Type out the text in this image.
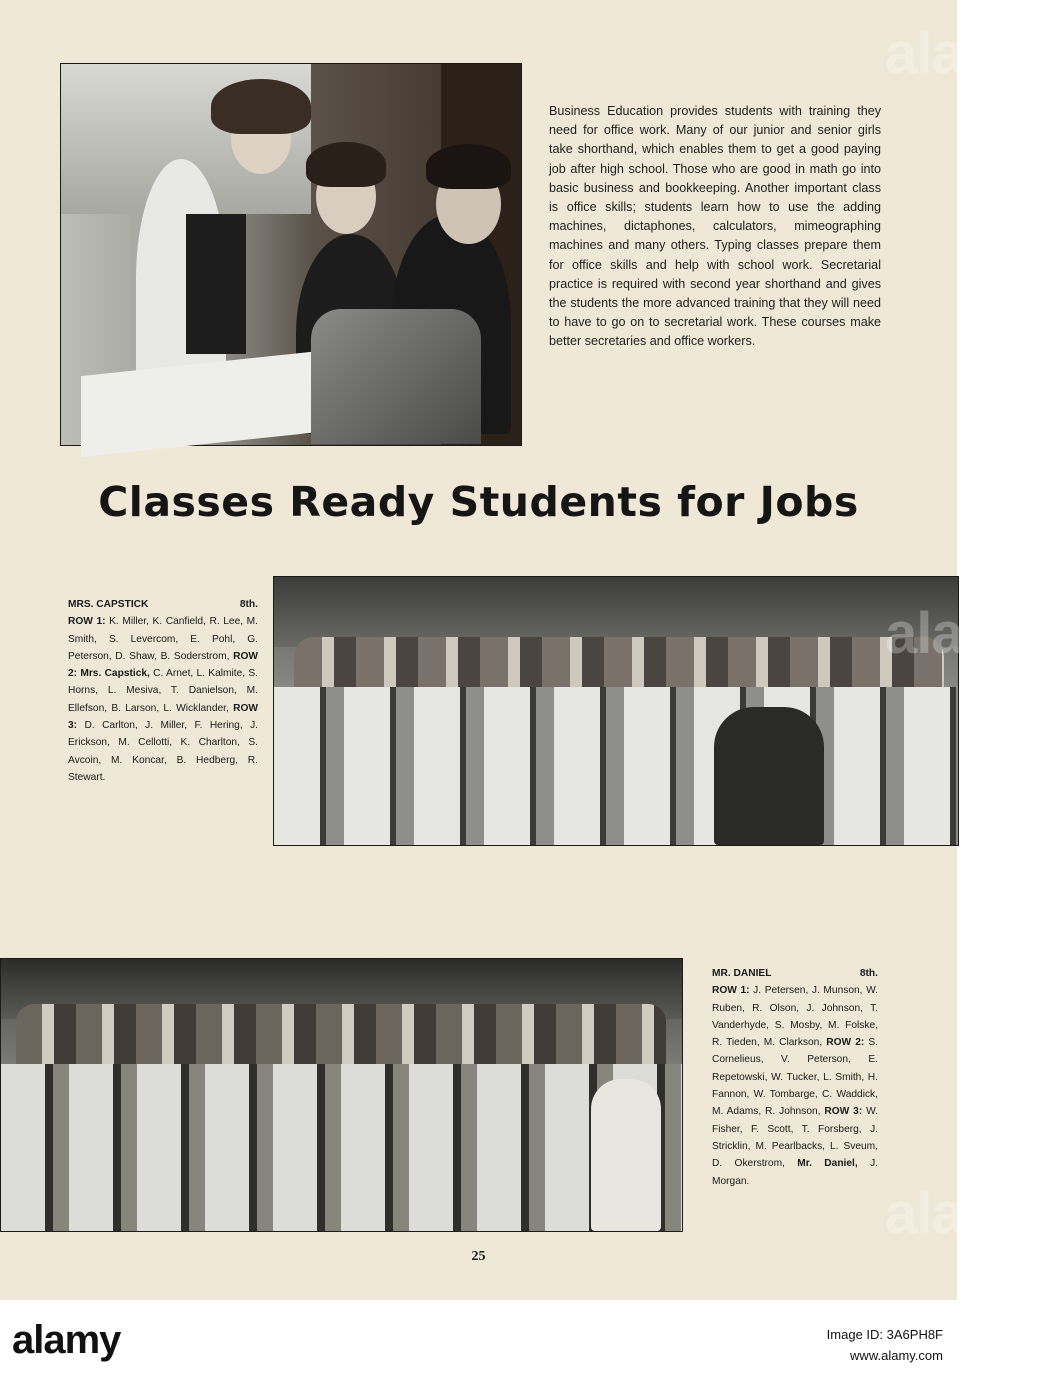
Business Education provides students with training they need for office work. Many of our junior and senior girls take shorthand, which enables them to get a good paying job after high school. Those who are good in math go into basic business and bookkeeping. Another important class is office skills; students learn how to use the adding machines, dictaphones, calculators, mimeographing machines and many others. Typing classes prepare them for office skills and help with school work. Secretarial practice is required with second year shorthand and gives the students the more advanced training that they will need to have to go on to secretarial work. These courses make better secretaries and office workers.
Classes Ready Students for Jobs
MRS. CAPSTICK	8th.
ROW 1: K. Miller, K. Canfield, R. Lee, M. Smith, S. Levercom, E. Pohl, G. Peterson, D. Shaw, B. Soderstrom, ROW 2: Mrs. Capstick, C. Arnet, L. Kalmite, S. Horns, L. Mesiva, T. Danielson, M. Ellefson, B. Larson, L. Wicklander, ROW 3: D. Carlton, J. Miller, F. Hering, J. Erickson, M. Cellotti, K. Charlton, S. Avcoin, M. Koncar, B. Hedberg, R. Stewart.
MR. DANIEL	8th.
ROW 1: J. Petersen, J. Munson, W. Ruben, R. Olson, J. Johnson, T. Vanderhyde, S. Mosby, M. Folske, R. Tieden, M. Clarkson, ROW 2: S. Cornelieus, V. Peterson, E. Repetowski, W. Tucker, L. Smith, H. Fannon, W. Tombarge, C. Waddick, M. Adams, R. Johnson, ROW 3: W. Fisher, F. Scott, T. Forsberg, J. Stricklin, M. Pearlbacks, L. Sveum, D. Okerstrom, Mr. Daniel, J. Morgan.
25
alamy
alamy
alamy
alamy	Image ID: 3A6PH8F
www.alamy.com
